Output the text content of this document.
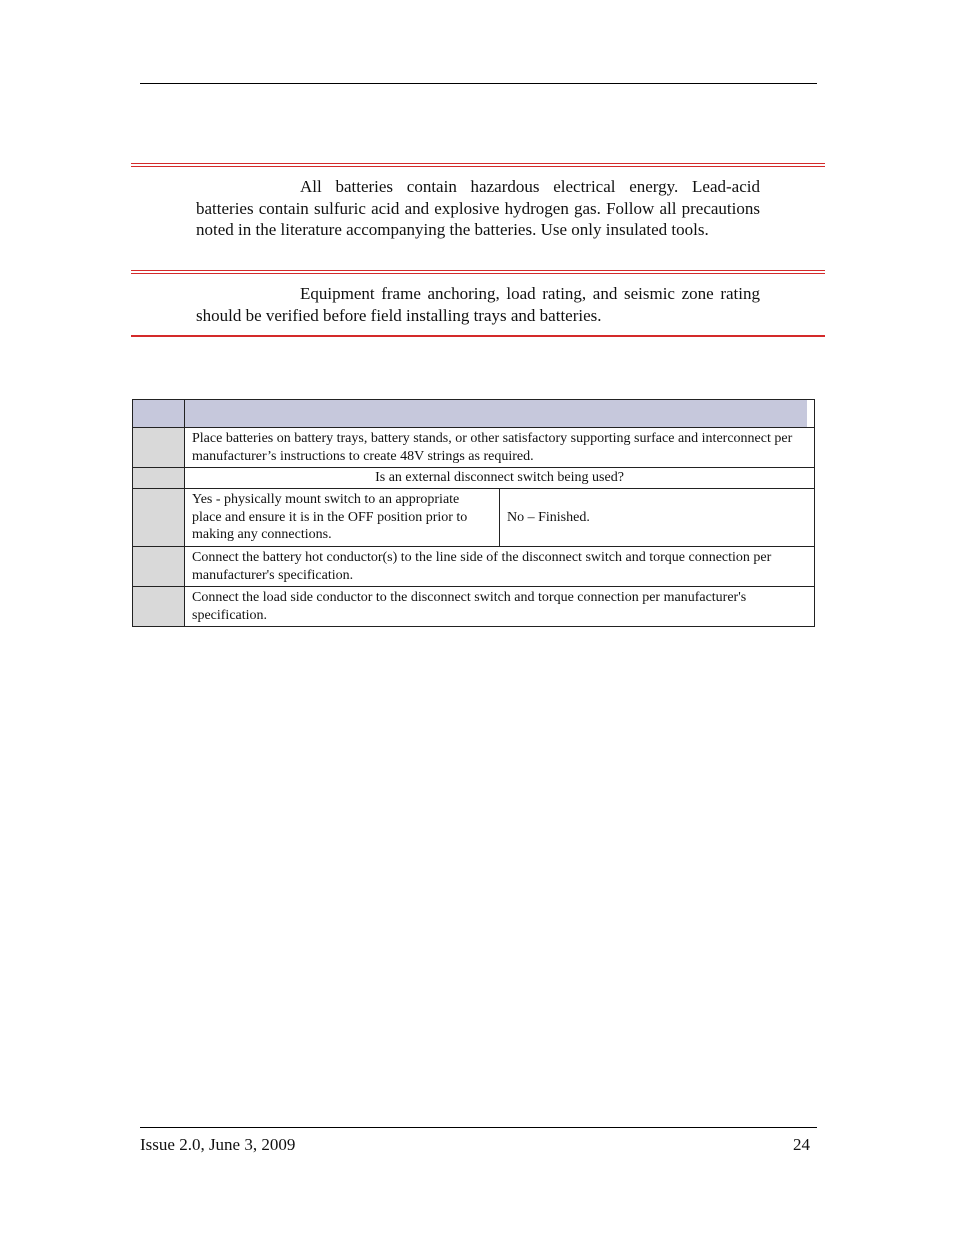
All batteries contain hazardous electrical energy. Lead-acid batteries contain sulfuric acid and explosive hydrogen gas. Follow all precautions noted in the literature accompanying the batteries. Use only insulated tools.
Equipment frame anchoring, load rating, and seismic zone rating should be verified before field installing trays and batteries.

	Place batteries on battery trays, battery stands, or other satisfactory supporting surface and interconnect per manufacturer’s instructions to create 48V strings as required.	
	Is an external disconnect switch being used?	
	Yes - physically mount switch to an appropriate place and ensure it is in the OFF position prior to making any connections.	No – Finished.
	Connect the battery hot conductor(s) to the line side of the disconnect switch and torque connection per manufacturer's specification.	
	Connect the load side conductor to the disconnect switch and torque connection per manufacturer's specification.	
Issue 2.0, June 3, 2009	24
